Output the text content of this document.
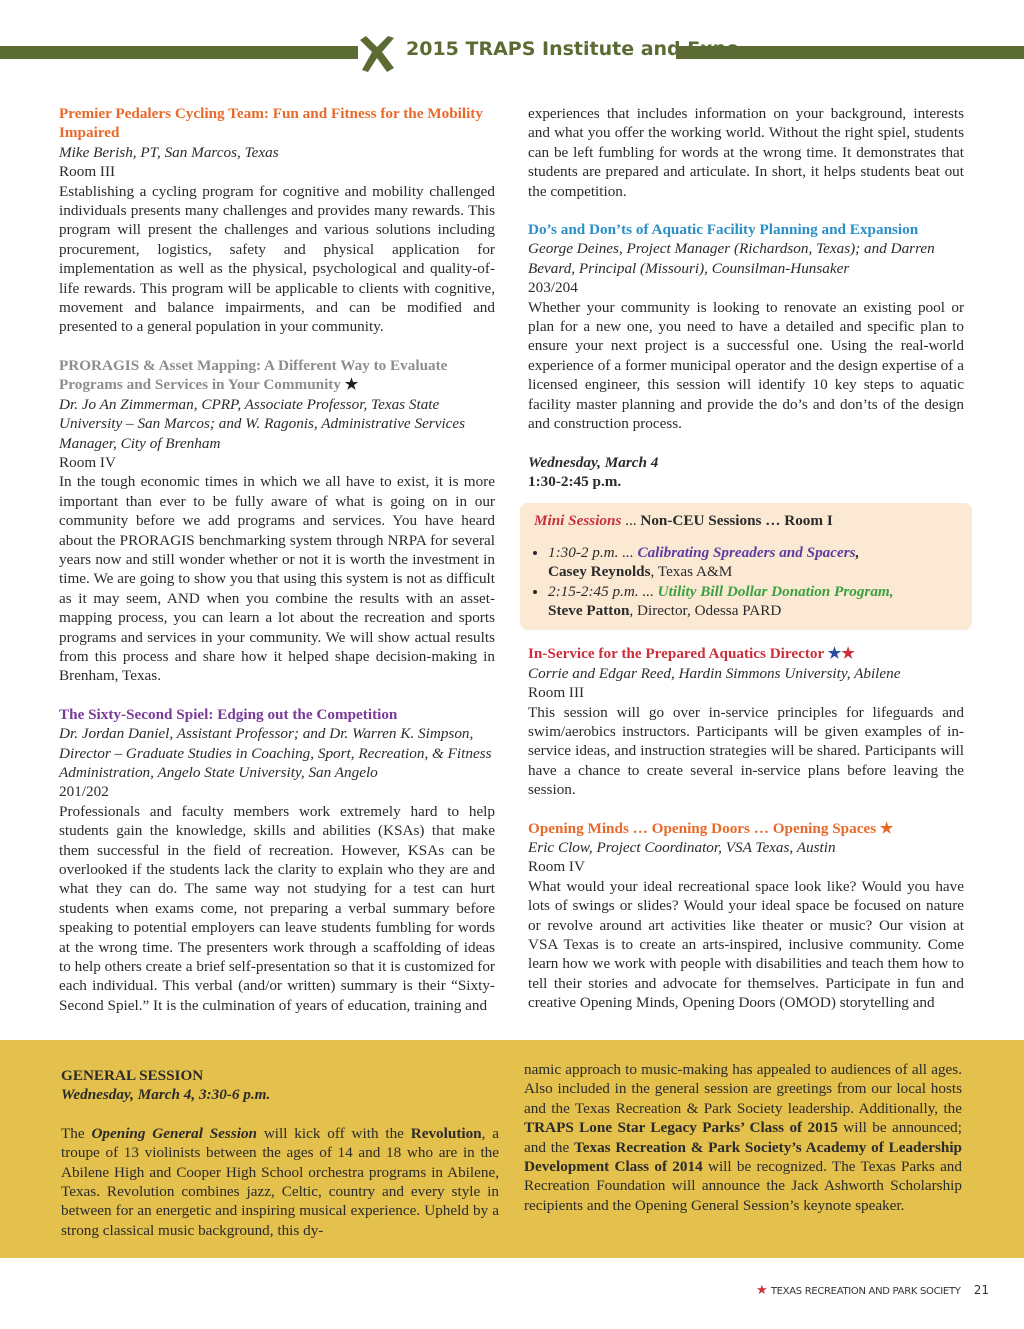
2015 TRAPS Institute and Expo
Premier Pedalers Cycling Team: Fun and Fitness for the Mobility Impaired
Mike Berish, PT, San Marcos, Texas
Room III

Establishing a cycling program for cognitive and mobility challenged individuals presents many challenges and provides many rewards. This program will present the challenges and various solutions including procurement, logistics, safety and physical application for implementation as well as the physical, psychological and quality-of-life rewards. This program will be applicable to clients with cognitive, movement and balance impairments, and can be modified and presented to a general population in your community.

PRORAGIS & Asset Mapping: A Different Way to Evaluate Programs and Services in Your Community ★
Dr. Jo An Zimmerman, CPRP, Associate Professor, Texas State University – San Marcos; and W. Ragonis, Administrative Services Manager, City of Brenham
Room IV

In the tough economic times in which we all have to exist, it is more important than ever to be fully aware of what is going on in our community before we add programs and services. You have heard about the PRORAGIS benchmarking system through NRPA for several years now and still wonder whether or not it is worth the investment in time. We are going to show you that using this system is not as difficult as it may seem, AND when you combine the results with an asset-mapping process, you can learn a lot about the recreation and sports programs and services in your community. We will show actual results from this process and share how it helped shape decision-making in Brenham, Texas.

The Sixty-Second Spiel: Edging out the Competition
Dr. Jordan Daniel, Assistant Professor; and Dr. Warren K. Simpson, Director – Graduate Studies in Coaching, Sport, Recreation, & Fitness Administration, Angelo State University, San Angelo
201/202

Professionals and faculty members work extremely hard to help students gain the knowledge, skills and abilities (KSAs) that make them successful in the field of recreation. However, KSAs can be overlooked if the students lack the clarity to explain who they are and what they can do. The same way not studying for a test can hurt students when exams come, not preparing a verbal summary before speaking to potential employers can leave students fumbling for words at the wrong time. The presenters work through a scaffolding of ideas to help others create a brief self-presentation so that it is customized for each individual. This verbal (and/or written) summary is their “Sixty-Second Spiel.” It is the culmination of years of education, training and

experiences that includes information on your background, interests and what you offer the working world. Without the right spiel, students can be left fumbling for words at the wrong time. It demonstrates that students are prepared and articulate. In short, it helps students beat out the competition.

Do’s and Don’ts of Aquatic Facility Planning and Expansion
George Deines, Project Manager (Richardson, Texas); and Darren Bevard, Principal (Missouri), Counsilman-Hunsaker
203/204

Whether your community is looking to renovate an existing pool or plan for a new one, you need to have a detailed and specific plan to ensure your next project is a successful one. Using the real-world experience of a former municipal operator and the design expertise of a licensed engineer, this session will identify 10 key steps to aquatic facility master planning and provide the do’s and don’ts of the design and construction process.

Wednesday, March 4
1:30-2:45 p.m.
Mini Sessions ... Non-CEU Sessions … Room I
• 1:30-2 p.m. ... Calibrating Spreaders and Spacers,
Casey Reynolds, Texas A&M
• 2:15-2:45 p.m. ... Utility Bill Dollar Donation Program,
Steve Patton, Director, Odessa PARD
In-Service for the Prepared Aquatics Director ★★
Corrie and Edgar Reed, Hardin Simmons University, Abilene
Room III

This session will go over in-service principles for lifeguards and swim/aerobics instructors. Participants will be given examples of in-service ideas, and instruction strategies will be shared. Participants will have a chance to create several in-service plans before leaving the session.

Opening Minds … Opening Doors … Opening Spaces ★
Eric Clow, Project Coordinator, VSA Texas, Austin
Room IV

What would your ideal recreational space look like? Would you have lots of swings or slides? Would your ideal space be focused on nature or revolve around art activities like theater or music? Our vision at VSA Texas is to create an arts-inspired, inclusive community. Come learn how we work with people with disabilities and teach them how to tell their stories and advocate for themselves. Participate in fun and creative Opening Minds, Opening Doors (OMOD) storytelling and

GENERAL SESSION
Wednesday, March 4, 3:30-6 p.m.

The Opening General Session will kick off with the Revolution, a troupe of 13 violinists between the ages of 14 and 18 who are in the Abilene High and Cooper High School orchestra programs in Abilene, Texas. Revolution combines jazz, Celtic, country and every style in between for an energetic and inspiring musical experience. Upheld by a strong classical music background, this dy-

namic approach to music-making has appealed to audiences of all ages. Also included in the general session are greetings from our local hosts and the Texas Recreation & Park Society leadership. Additionally, the TRAPS Lone Star Legacy Parks’ Class of 2015 will be announced; and the Texas Recreation & Park Society’s Academy of Leadership Development Class of 2014 will be recognized. The Texas Parks and Recreation Foundation will announce the Jack Ashworth Scholarship recipients and the Opening General Session’s keynote speaker.

★ TEXAS RECREATION AND PARK SOCIETY 21
